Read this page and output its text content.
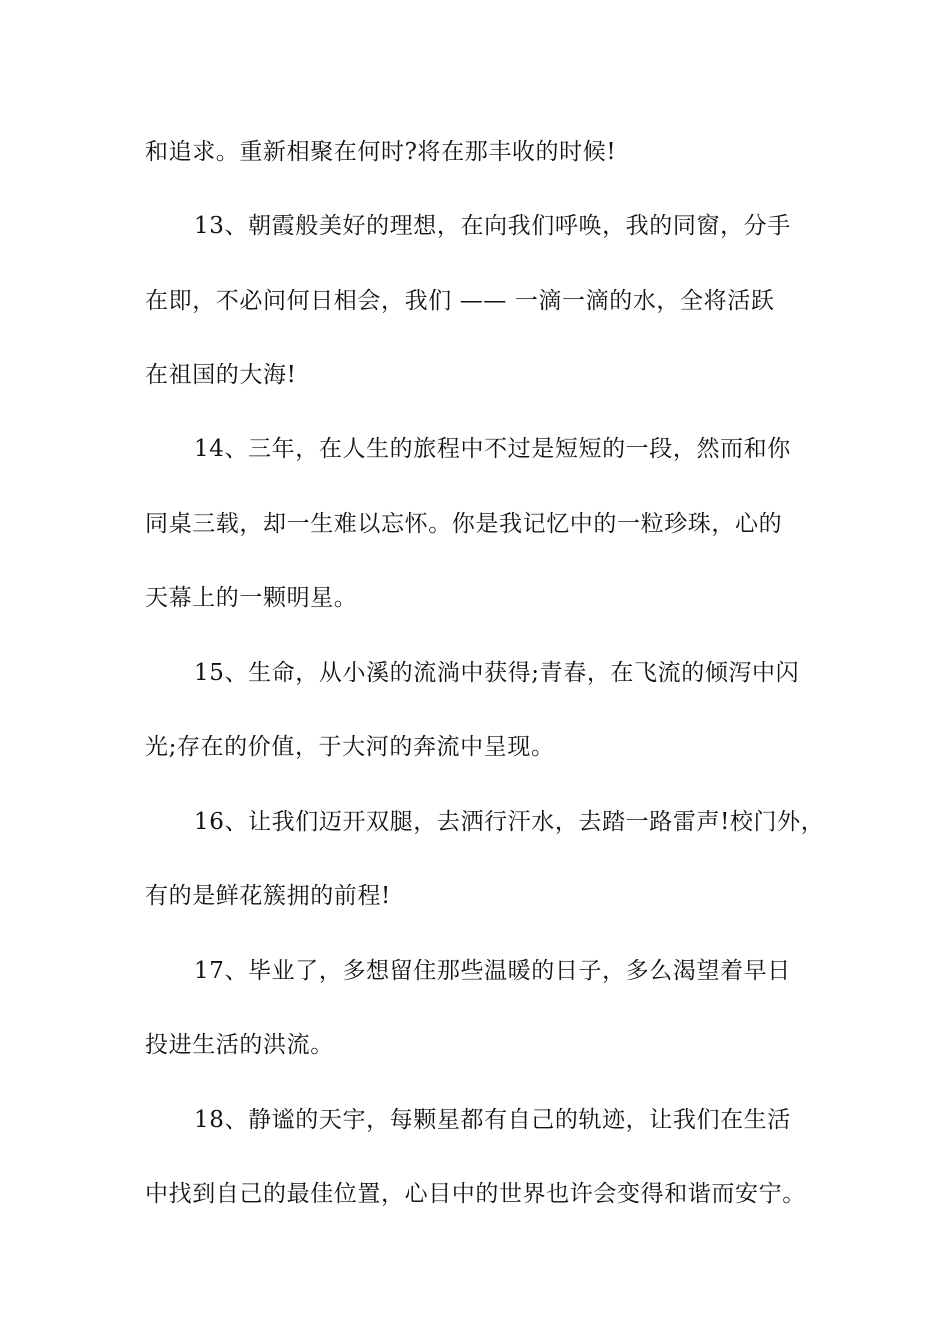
和追求。重新相聚在何时?将在那丰收的时候!
13、朝霞般美好的理想，在向我们呼唤，我的同窗，分手
在即，不必问何日相会，我们 —— 一滴一滴的水，全将活跃
在祖国的大海!
14、三年，在人生的旅程中不过是短短的一段，然而和你
同桌三载，却一生难以忘怀。你是我记忆中的一粒珍珠，心的
天幕上的一颗明星。
15、生命，从小溪的流淌中获得;青春，在飞流的倾泻中闪
光;存在的价值，于大河的奔流中呈现。
16、让我们迈开双腿，去洒行汗水，去踏一路雷声!校门外，
有的是鲜花簇拥的前程!
17、毕业了，多想留住那些温暖的日子，多么渴望着早日
投进生活的洪流。
18、静谧的天宇，每颗星都有自己的轨迹，让我们在生活
中找到自己的最佳位置，心目中的世界也许会变得和谐而安宁。
